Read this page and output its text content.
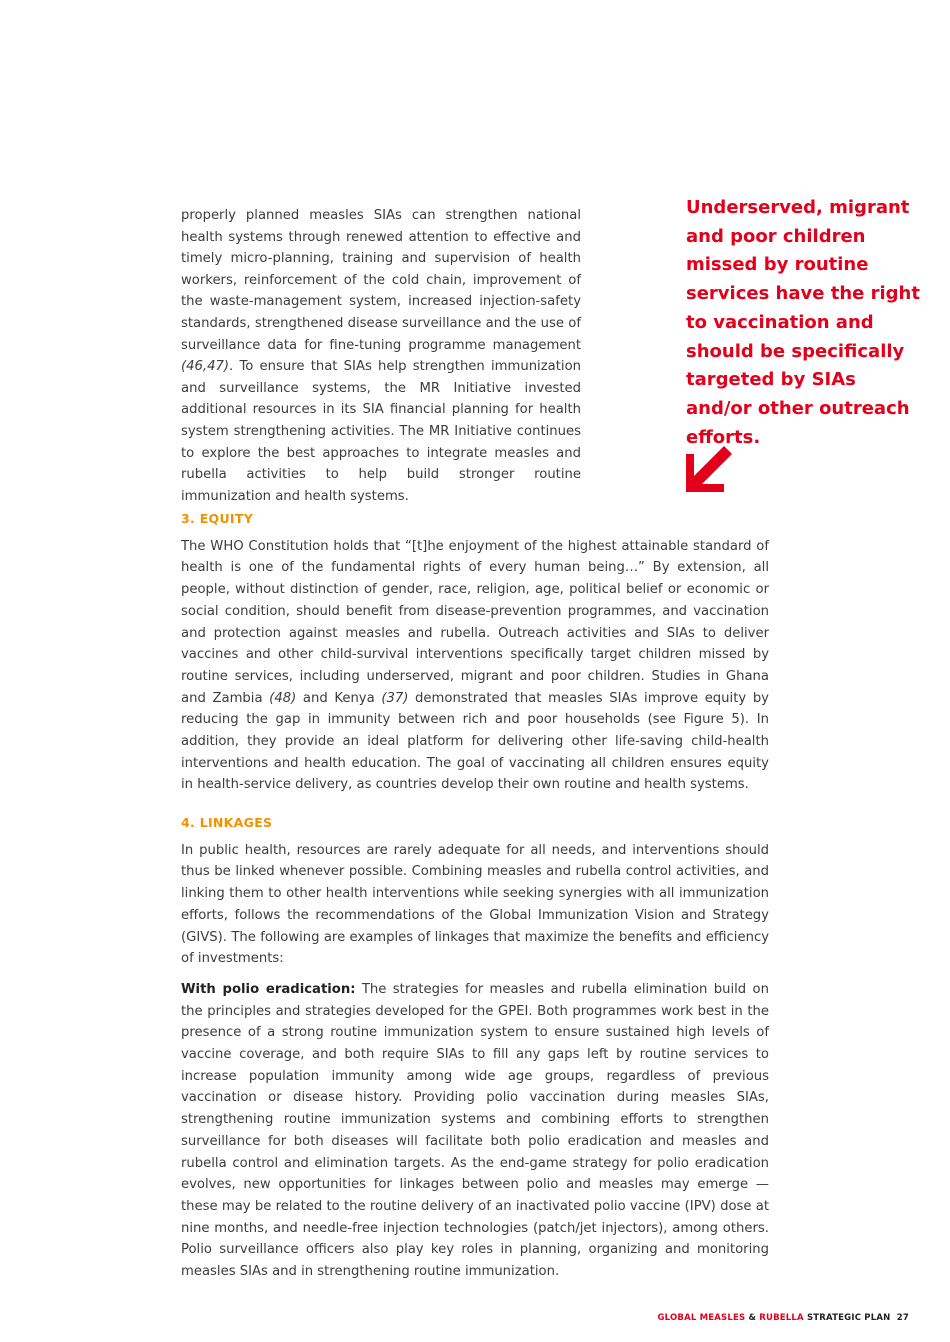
properly planned measles SIAs can strengthen national health systems through renewed attention to effective and timely micro-planning, training and supervision of health workers, reinforcement of the cold chain, improvement of the waste-management system, increased injection-safety standards, strengthened disease surveillance and the use of surveillance data for fine-tuning programme management (46,47). To ensure that SIAs help strengthen immunization and surveillance systems, the MR Initiative invested additional resources in its SIA financial planning for health system strengthening activities. The MR Initiative continues to explore the best approaches to integrate measles and rubella activities to help build stronger routine immunization and health systems.
Underserved, migrant and poor children missed by routine services have the right to vaccination and should be specifically targeted by SIAs and/or other outreach efforts.

3. EQUITY

The WHO Constitution holds that “[t]he enjoyment of the highest attainable standard of health is one of the fundamental rights of every human being…” By extension, all people, without distinction of gender, race, religion, age, political belief or economic or social condition, should benefit from disease-prevention programmes, and vaccination and protection against measles and rubella. Outreach activities and SIAs to deliver vaccines and other child-survival interventions specifically target children missed by routine services, including underserved, migrant and poor children. Studies in Ghana and Zambia (48) and Kenya (37) demonstrated that measles SIAs improve equity by reducing the gap in immunity between rich and poor households (see Figure 5). In addition, they provide an ideal platform for delivering other life-saving child-health interventions and health education. The goal of vaccinating all children ensures equity in health-service delivery, as countries develop their own routine and health systems.

4. LINKAGES

In public health, resources are rarely adequate for all needs, and interventions should thus be linked whenever possible. Combining measles and rubella control activities, and linking them to other health interventions while seeking synergies with all immunization efforts, follows the recommendations of the Global Immunization Vision and Strategy (GIVS). The following are examples of linkages that maximize the benefits and efficiency of investments:

With polio eradication: The strategies for measles and rubella elimination build on the principles and strategies developed for the GPEI. Both programmes work best in the presence of a strong routine immunization system to ensure sustained high levels of vaccine coverage, and both require SIAs to fill any gaps left by routine services to increase population immunity among wide age groups, regardless of previous vaccination or disease history. Providing polio vaccination during measles SIAs, strengthening routine immunization systems and combining efforts to strengthen surveillance for both diseases will facilitate both polio eradication and measles and rubella control and elimination targets. As the end-game strategy for polio eradication evolves, new opportunities for linkages between polio and measles may emerge — these may be related to the routine delivery of an inactivated polio vaccine (IPV) dose at nine months, and needle-free injection technologies (patch/jet injectors), among others. Polio surveillance officers also play key roles in planning, organizing and monitoring measles SIAs and in strengthening routine immunization.

GLOBAL MEASLES & RUBELLA STRATEGIC PLAN 27
